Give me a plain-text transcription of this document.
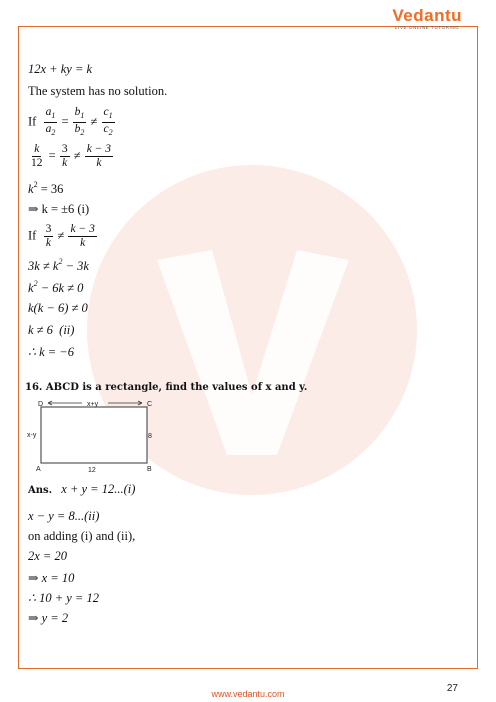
Vedantu
LIVE ONLINE TUTORING
12x + ky = k
The system has no solution.
If $\frac{a_1}{a_2} = \frac{b_1}{b_2} \ne \frac{c_1}{c_2}$
$\frac{k}{12} = \frac{3}{k} \ne \frac{k - 3}{k}$
$k^2 = 36$
⇒ k = ±6 (i)
If $\frac{3}{k} \ne \frac{k - 3}{k}$
$3k \ne k^2 - 3k$
$k^2 - 6k \ne 0$
k(k − 6) ≠ 0
k ≠ 6 (ii)
∴ k = −6
16. ABCD is a rectangle, find the values of x and y.
D	C
A	B
x+y
12
x-y	8
Ans. x + y = 12...(i)
x − y = 8...(ii)
on adding (i) and (ii),
2x = 20
⇒ x = 10
∴ 10 + y = 12
⇒ y = 2
27
www.vedantu.com
